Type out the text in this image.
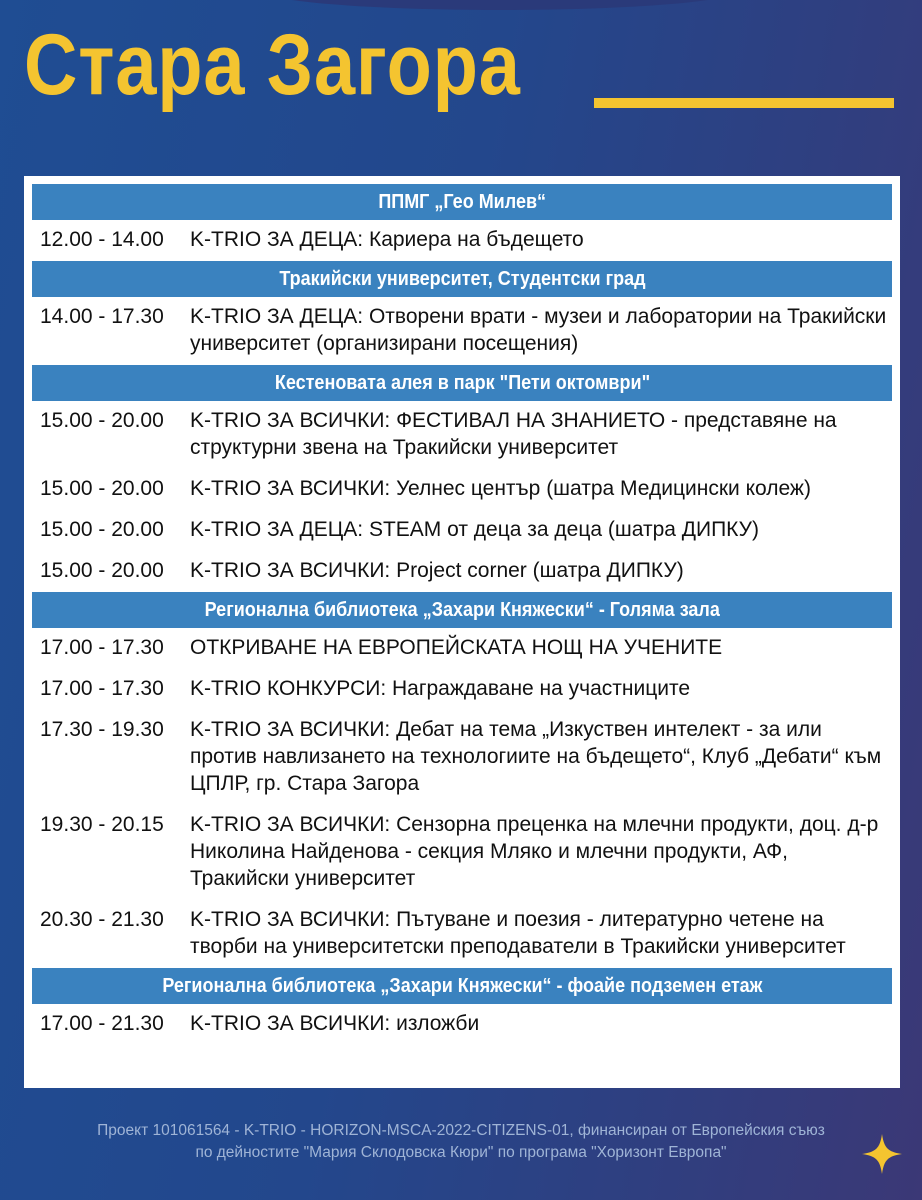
Стара Загора
ППМГ „Гео Милев“
12.00 - 14.00	K-TRIO ЗА ДЕЦА: Кариера на бъдещето
Тракийски университет, Студентски град
14.00 - 17.30	K-TRIO ЗА ДЕЦА: Отворени врати - музеи и лаборатории на Тракийски университет (организирани посещения)
Кестеновата алея в парк "Пети октомври"
15.00 - 20.00	K-TRIO ЗА ВСИЧКИ: ФЕСТИВАЛ НА ЗНАНИЕТО - представяне на структурни звена на Тракийски университет
15.00 - 20.00	K-TRIO ЗА ВСИЧКИ: Уелнес център (шатра Медицински колеж)
15.00 - 20.00	K-TRIO ЗА ДЕЦА: STEAM от деца за деца (шатра ДИПКУ)
15.00 - 20.00	K-TRIO ЗА ВСИЧКИ: Project corner (шатра ДИПКУ)
Регионална библиотека „Захари Княжески“ - Голяма зала
17.00 - 17.30	ОТКРИВАНЕ НА ЕВРОПЕЙСКАТА НОЩ НА УЧЕНИТЕ
17.00 - 17.30	K-TRIO КОНКУРСИ: Награждаване на участниците
17.30 - 19.30	K-TRIO ЗА ВСИЧКИ: Дебат на тема „Изкуствен интелект - за или против навлизането на технологиите на бъдещето“, Клуб „Дебати“ към ЦПЛР, гр. Стара Загора
19.30 - 20.15	K-TRIO ЗА ВСИЧКИ: Сензорна преценка на млечни продукти, доц. д-р Николина Найденова - секция Мляко и млечни продукти, АФ, Тракийски университет
20.30 - 21.30	K-TRIO ЗА ВСИЧКИ: Пътуване и поезия - литературно четене на творби на университетски преподаватели в Тракийски университет
Регионална библиотека „Захари Княжески“ - фоайе подземен етаж
17.00 - 21.30	K-TRIO ЗА ВСИЧКИ: изложби
Проект 101061564 - K-TRIO - HORIZON-MSCA-2022-CITIZENS-01, финансиран от Европейския съюз
по дейностите "Мария Склодовска Кюри" по програма "Хоризонт Европа"
